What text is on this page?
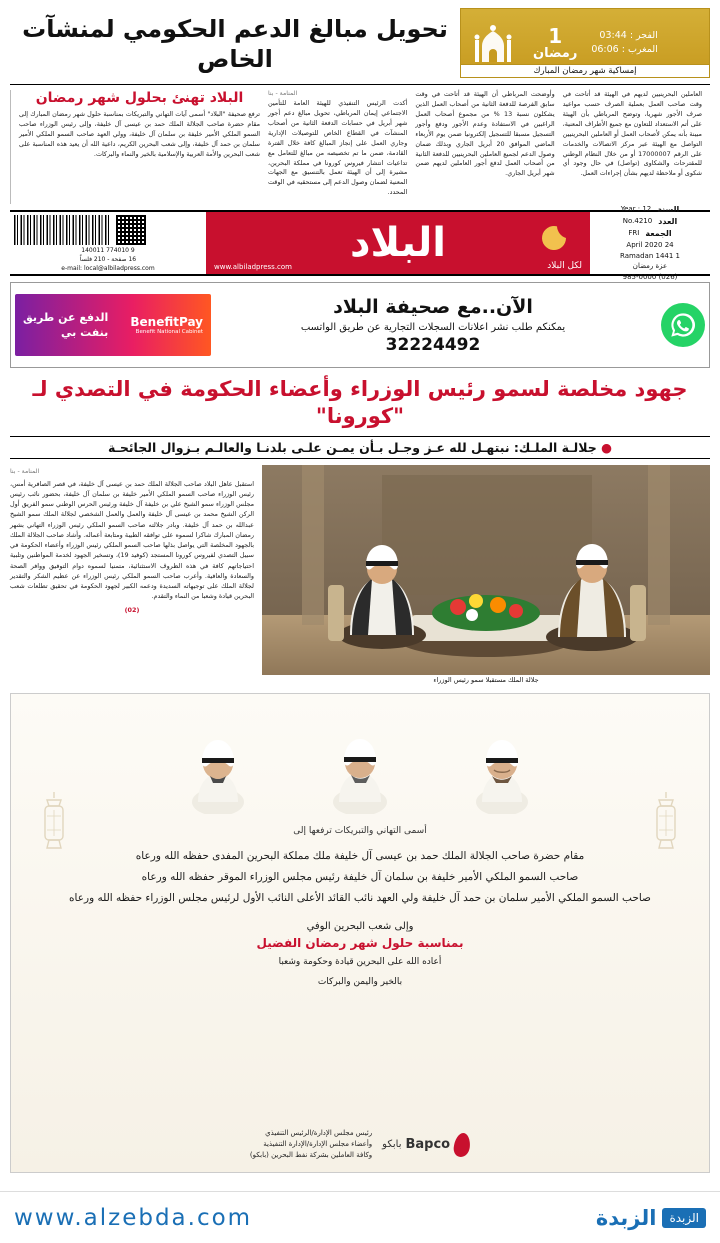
1
رمضان
الفجر : 03:44
المغرب : 06:06
إمساكية شهر رمضان المبارك
تحويل مبالغ الدعم الحكومي لمنشآت الخاص
العاملين البحرينيين لديهم في الهيئة قد أتاحت في وقت صاحب العمل بعملية الصرف حسب مواعيد صرف الأجور شهريا، وتوضح المرباطي بأن الهيئة على أتم الاستعداد للتعاون مع جميع الأطراف المعنية، مبينة بأنه يمكن لأصحاب العمل أو العاملين البحرينيين التواصل مع الهيئة عبر مركز الاتصالات والخدمات على الرقم 17000007 أو من خلال النظام الوطني للمقترحات والشكاوى (تواصل) في حال وجود أي شكوى أو ملاحظة لديهم بشأن إجراءات العمل.
وأوضحت المرباطي أن الهيئة قد أتاحت في وقت سابق الفرصة للدفعة الثانية من أصحاب العمل الذين يشكلون نسبة 13 % من مجموع أصحاب العمل الراغبين في الاستفادة وعدم الأجور ودفع وأجور التسجيل مسبقا للتسجيل إلكترونيا ضمن يوم الأربعاء الماضي الموافق 20 أبريل الجاري وبذلك ضمان وصول الدعم لجميع العاملين البحرينيين للدفعة الثانية من أصحاب العمل لدفع أجور العاملين لديهم ضمن شهر أبريل الجاري.
المنامة - بنا
أكدت الرئيس التنفيذي للهيئة العامة للتأمين الاجتماعي إيمان المرباطي، تحويل مبالغ دعم أجور شهر أبريل في حسابات الدفعة الثانية من أصحاب المنشآت في القطاع الخاص للتوصيلات الإدارية وجاري العمل على إنجاز المبالغ كافة خلال الفترة القادمة، ضمن ما تم تخصيصه من مبالغ للتعامل مع تداعيات انتشار فيروس كورونا في مملكة البحرين، مشيرة إلى أن الهيئة تعمل بالتنسيق مع الجهات المعنية لضمان وصول الدعم إلى مستحقيه في الوقت المحدد.
البلاد تهنئ بحلول شهر رمضان
ترفع صحيفة "البلاد" أسمى آيات التهاني والتبريكات بمناسبة حلول شهر رمضان المبارك إلى مقام حضرة صاحب الجلالة الملك حمد بن عيسى آل خليفة، وإلى رئيس الوزراء صاحب السمو الملكي الأمير خليفة بن سلمان آل خليفة، وولي العهد صاحب السمو الملكي الأمير سلمان بن حمد آل خليفة، وإلى شعب البحرين الكريم، داعية الله أن يعيد هذه المناسبة على شعب البحرين والأمة العربية والإسلامية بالخير والنماء والبركات.
السنة
Year : 12
العدد
No.4210
الجمعة
FRI
24 April 2020
1 Ramadan 1441
عزة رمضان
(026) 985-0000
البلاد	لكل البلاد
www.albiladpress.com
9 774010 140011
16 صفحة - 210 فلساً
e-mail: local@albiladpress.com
الآن..مع صحيفة البلاد
يمكنكم طلب نشر اعلانات السجلات التجارية عن طريق الواتسب
32224492
الدفع عن طريق
بنفت بي
BenefitPay
Benefit National Cabinet
جهود مخلصة لسمو رئيس الوزراء وأعضاء الحكومة في التصدي لـ "كورونا"
● جلالـة الملـك: نبتهـل لله عـز وجـل بـأن يمـن علـى بلدنـا والعالـم بـزوال الجائحـة
جلالة الملك مستقبلا سمو رئيس الوزراء
المنامة - بنا
استقبل عاهل البلاد صاحب الجلالة الملك حمد بن عيسى آل خليفة، في قصر الصافرية أمس، رئيس الوزراء صاحب السمو الملكي الأمير خليفة بن سلمان آل خليفة، بحضور نائب رئيس مجلس الوزراء سمو الشيخ علي بن خليفة آل خليفة ورئيس الحرس الوطني سمو الفريق أول الركن الشيخ محمد بن عيسى آل خليفة والعمل والعمل الشخصي لجلالة الملك سمو الشيخ عبدالله بن حمد آل خليفة. وبادر جلالته صاحب السمو الملكي رئيس الوزراء التهاني بشهر رمضان المبارك شاكرا لسموه على توافقه الطيبة ومتابعة أعماله. وأشاد صاحب الجلالة الملك بالجهود المخلصة التي يواصل بذلها صاحب السمو الملكي رئيس الوزراء وأعضاء الحكومة في سبيل التصدي لفيروس كورونا المستجد (كوفيد 19)، وتسخير الجهود لخدمة المواطنين وتلبية احتياجاتهم كافة في هذه الظروف الاستثنائية، متمنيا لسموه دوام التوفيق ووافر الصحة والسعادة والعافية. وأعرب صاحب السمو الملكي رئيس الوزراء عن عظيم الشكر والتقدير لجلالة الملك على توجيهاته السديدة ودعمه الكبير لجهود الحكومة في تحقيق تطلعات شعب البحرين قيادة وشعبا من النماء والتقدم.
(02)
أسمى التهاني والتبريكات ترفعها إلى
مقام حضرة صاحب الجلالة الملك حمد بن عيسى آل خليفة ملك مملكة البحرين المفدى حفظه الله ورعاه
صاحب السمو الملكي الأمير خليفة بن سلمان آل خليفة رئيس مجلس الوزراء الموقر حفظه الله ورعاه
صاحب السمو الملكي الأمير سلمان بن حمد آل خليفة ولي العهد نائب القائد الأعلى النائب الأول لرئيس مجلس الوزراء حفظه الله ورعاه
وإلى شعب البحرين الوفي
بمناسبة حلول شهر رمضان الفضيل
أعاده الله على البحرين قيادة وحكومة وشعبا
بالخير واليمن والبركات
رئيس مجلس الإدارة/الرئيس التنفيذي
وأعضاء مجلس الإدارة/الإدارة التنفيذية
وكافة العاملين بشركة نفط البحرين (بابكو)
Bapco
بابكو
www.alzebda.com	الزبدة	الزبدة
